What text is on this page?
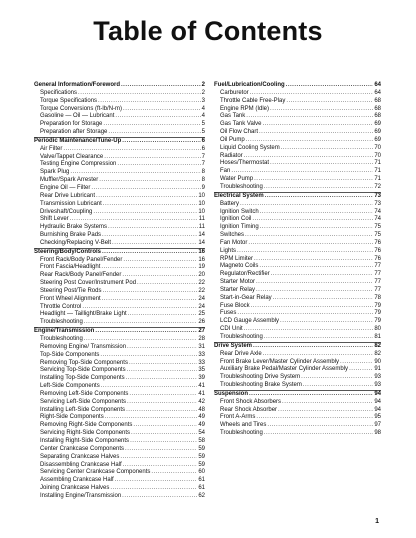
Table of Contents
General Information/Foreword .....	2
Specifications .....	2
Torque Specifications .....	3
Torque Conversions (ft-lb/N-m) .....	4
Gasoline — Oil — Lubricant .....	4
Preparation for Storage .....	5
Preparation after Storage .....	5
Periodic Maintenance/Tune-Up .....	6
Air Filter .....	6
Valve/Tappet Clearance .....	7
Testing Engine Compression .....	7
Spark Plug .....	8
Muffler/Spark Arrester .....	8
Engine Oil — Filter .....	9
Rear Drive Lubricant .....	10
Transmission Lubricant .....	10
Driveshaft/Coupling .....	10
Shift Lever .....	11
Hydraulic Brake Systems .....	11
Burnishing Brake Pads .....	14
Checking/Replacing V-Belt .....	14
Steering/Body/Controls .....	16
Front Rack/Body Panel/Fender .....	16
Front Fascia/Headlight .....	19
Rear Rack/Body Panel/Fender .....	20
Steering Post Cover/Instrument Pod .....	22
Steering Post/Tie Rods .....	22
Front Wheel Alignment .....	24
Throttle Control .....	24
Headlight — Taillight/Brake Light .....	25
Troubleshooting .....	26
Engine/Transmission .....	27
Troubleshooting .....	28
Removing Engine/ Transmission .....	31
Top-Side Components .....	33
Removing Top-Side Components .....	33
Servicing Top-Side Components .....	35
Installing Top-Side Components .....	39
Left-Side Components .....	41
Removing Left-Side Components .....	41
Servicing Left-Side Components .....	42
Installing Left-Side Components .....	48
Right-Side Components .....	49
Removing Right-Side Components .....	49
Servicing Right-Side Components .....	54
Installing Right-Side Components .....	58
Center Crankcase Components .....	59
Separating Crankcase Halves .....	59
Disassembling Crankcase Half .....	59
Servicing Center Crankcase Components .....	60
Assembling Crankcase Half .....	61
Joining Crankcase Halves .....	61
Installing Engine/Transmission .....	62
Fuel/Lubrication/Cooling .....	64
Carburetor .....	64
Throttle Cable Free-Play .....	68
Engine RPM (Idle) .....	68
Gas Tank .....	68
Gas Tank Valve .....	69
Oil Flow Chart .....	69
Oil Pump .....	69
Liquid Cooling System .....	70
Radiator .....	70
Hoses/Thermostat .....	71
Fan .....	71
Water Pump .....	71
Troubleshooting .....	72
Electrical System .....	73
Battery .....	73
Ignition Switch .....	74
Ignition Coil .....	74
Ignition Timing .....	75
Switches .....	75
Fan Motor .....	76
Lights .....	76
RPM Limiter .....	76
Magneto Coils .....	77
Regulator/Rectifier .....	77
Starter Motor .....	77
Starter Relay .....	77
Start-in-Gear Relay .....	78
Fuse Block .....	79
Fuses .....	79
LCD Gauge Assembly .....	79
CDI Unit .....	80
Troubleshooting .....	81
Drive System .....	82
Rear Drive Axle .....	82
Front Brake Lever/Master Cylinder Assembly .....	90
Auxiliary Brake Pedal/Master Cylinder Assembly .....	91
Troubleshooting Drive System .....	93
Troubleshooting Brake System .....	93
Suspension .....	94
Front Shock Absorbers .....	94
Rear Shock Absorber .....	94
Front A-Arms .....	95
Wheels and Tires .....	97
Troubleshooting .....	98
1
